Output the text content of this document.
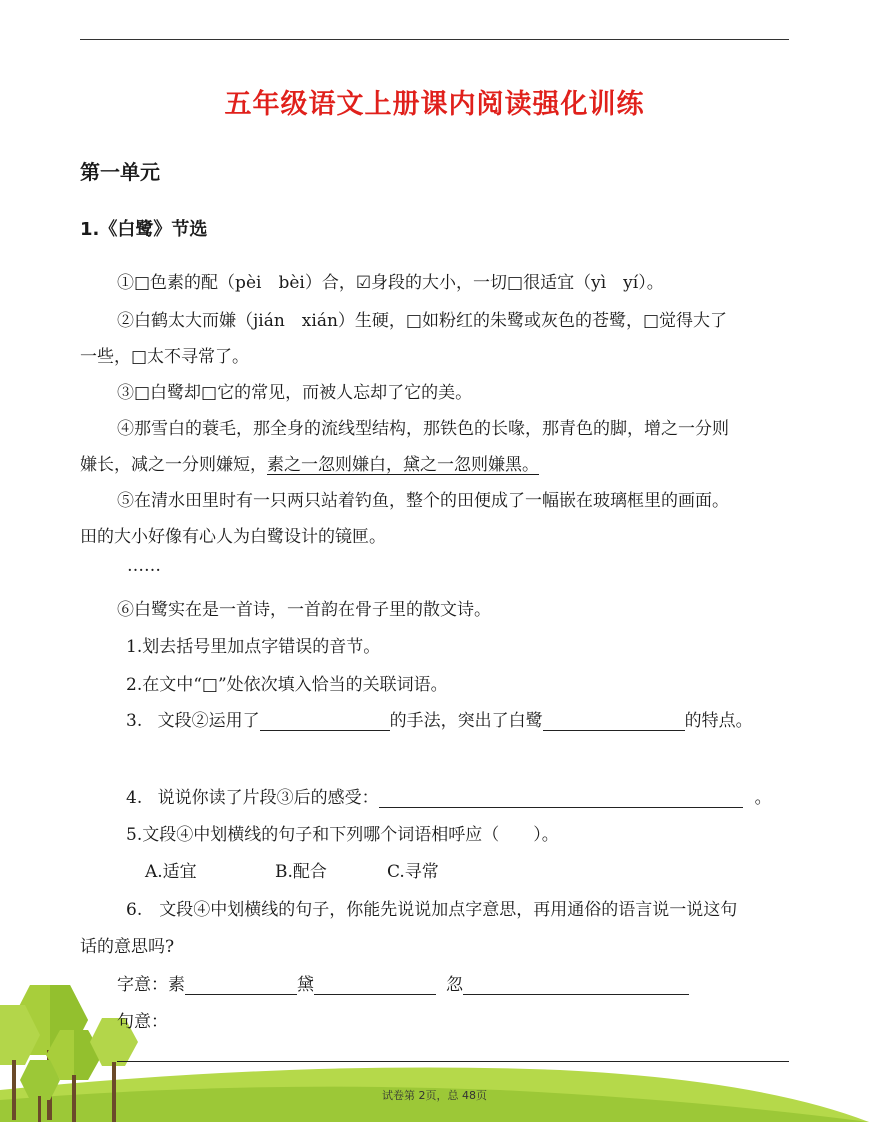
五年级语文上册课内阅读强化训练
第一单元
1.《白鹭》节选
①□色素的配（pèi　bèi）合，☑身段的大小，一切□很适宜（yì　yí）。
②白鹤太大而嫌（jián　xián）生硬，□如粉红的朱鹭或灰色的苍鹭，□觉得大了
一些，□太不寻常了。
③□白鹭却□它的常见，而被人忘却了它的美。
④那雪白的蓑毛，那全身的流线型结构，那铁色的长喙，那青色的脚，增之一分则
嫌长，减之一分则嫌短，素之一忽则嫌白，黛之一忽则嫌黑。
⑤在清水田里时有一只两只站着钓鱼，整个的田便成了一幅嵌在玻璃框里的画面。
田的大小好像有心人为白鹭设计的镜匣。
……
⑥白鹭实在是一首诗，一首韵在骨子里的散文诗。
1.划去括号里加点字错误的音节。
2.在文中“□”处依次填入恰当的关联词语。
3. 文段②运用了	的手法，突出了白鹭	的特点。
4. 说说你读了片段③后的感受：	。
5.文段④中划横线的句子和下列哪个词语相呼应（　　）。
A.适宜	B.配合	C.寻常
6.　文段④中划横线的句子，你能先说说加点字意思，再用通俗的语言说一说这句
话的意思吗?
字意：素	黛	忽
句意：
试卷第 2页，总 48页
